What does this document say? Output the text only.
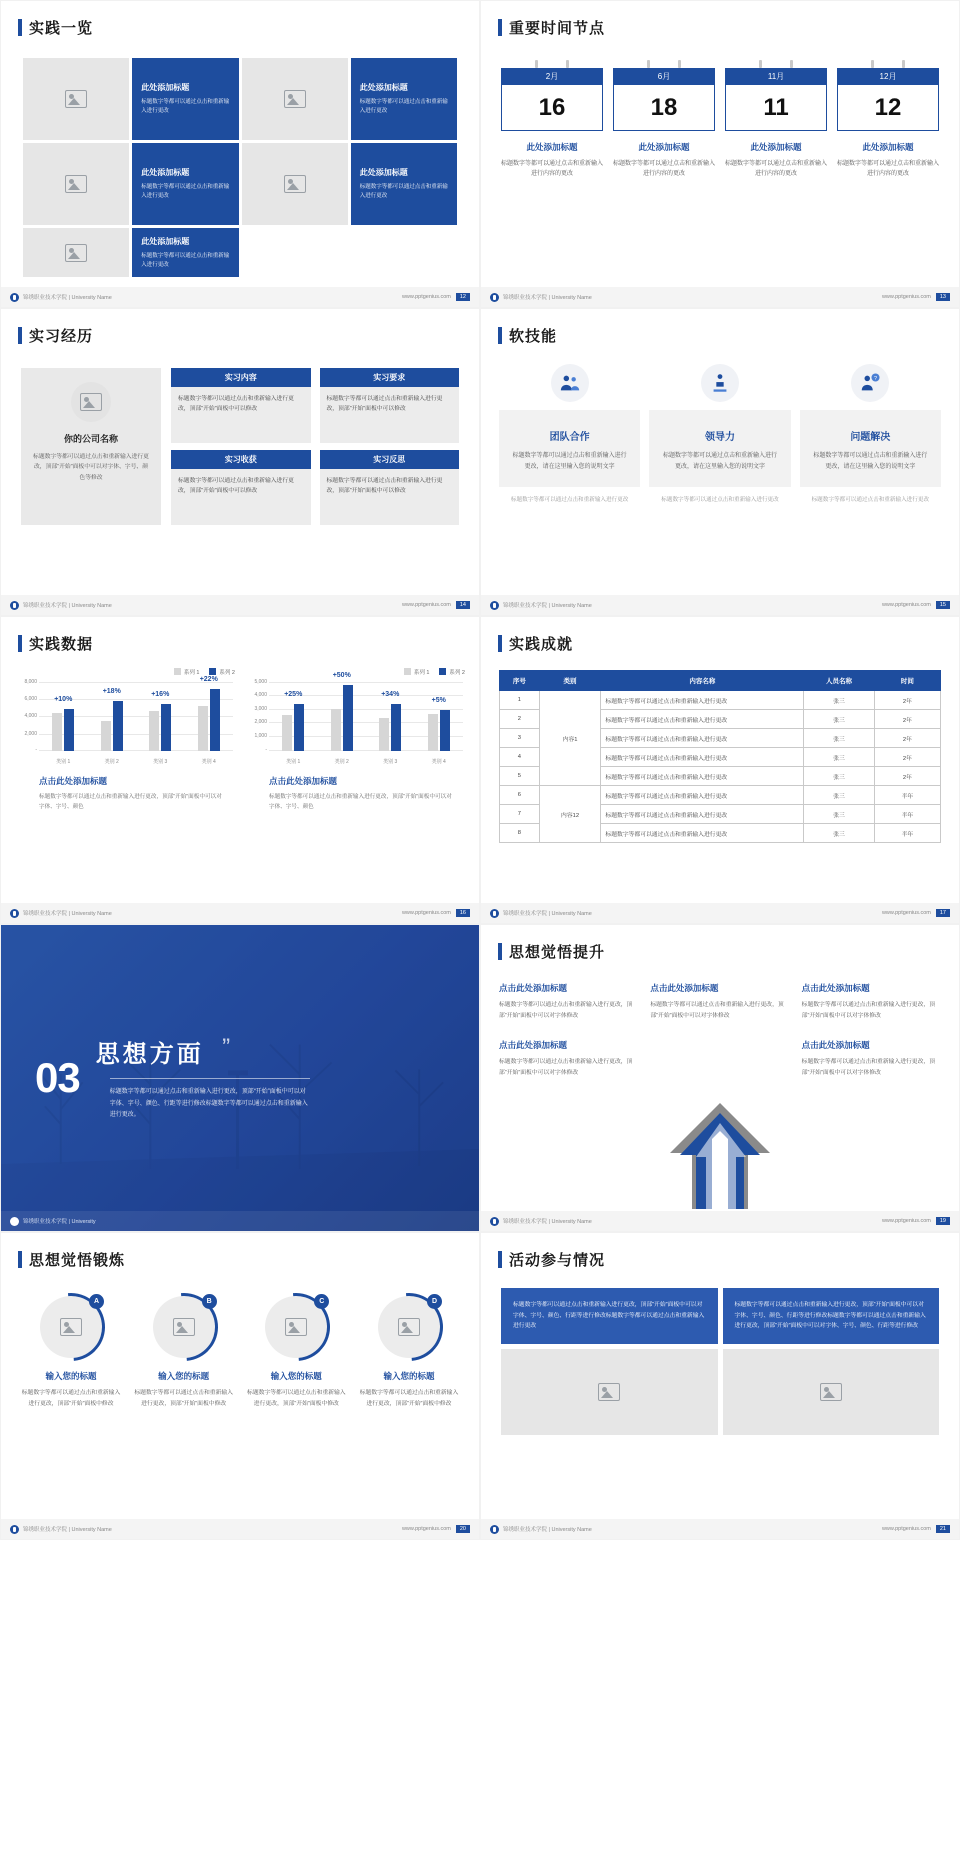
实践一览
此处添加标题
标题数字等都可以通过点击和重新输入进行更改
此处添加标题
标题数字等都可以通过点击和重新输入进行更改
此处添加标题
标题数字等都可以通过点击和重新输入进行更改
此处添加标题
标题数字等都可以通过点击和重新输入进行更改
此处添加标题
标题数字等都可以通过点击和重新输入进行更改
锦绣职业技术学院 | University Name	www.pptgenius.com	12
重要时间节点
2月
16
此处添加标题
标题数字等都可以通过点击和重新输入进行内容的更改
6月
18
此处添加标题
标题数字等都可以通过点击和重新输入进行内容的更改
11月
11
此处添加标题
标题数字等都可以通过点击和重新输入进行内容的更改
12月
12
此处添加标题
标题数字等都可以通过点击和重新输入进行内容的更改
锦绣职业技术学院 | University Name	www.pptgenius.com	13
实习经历
你的公司名称
标题数字等都可以通过点击和重新输入进行更改，顶部“开始”面板中可以对字体、字号、颜色等修改
实习内容
标题数字等都可以通过点击和重新输入进行更改，顶部“开始”面板中可以修改
实习要求
标题数字等都可以通过点击和重新输入进行更改，顶部“开始”面板中可以修改
实习收获
标题数字等都可以通过点击和重新输入进行更改，顶部“开始”面板中可以修改
实习反思
标题数字等都可以通过点击和重新输入进行更改，顶部“开始”面板中可以修改
锦绣职业技术学院 | University Name	www.pptgenius.com	14
软技能
团队合作
标题数字等都可以通过点击和重新输入进行更改，请在这里输入您的说明文字
标题数字等都可以通过点击和重新输入进行更改
领导力
标题数字等都可以通过点击和重新输入进行更改，请在这里输入您的说明文字
标题数字等都可以通过点击和重新输入进行更改
?
问题解决
标题数字等都可以通过点击和重新输入进行更改，请在这里输入您的说明文字
标题数字等都可以通过点击和重新输入进行更改
锦绣职业技术学院 | University Name	www.pptgenius.com	15
实践数据
系列 1	系列 2
8,000
6,000
4,000
2,000
-
+10%
+18%	+16%
+22%
类别 1	类别 2	类别 3	类别 4
点击此处添加标题
标题数字等都可以通过点击和重新输入进行更改，顶部“开始”面板中可以对字体、字号、颜色
系列 1	系列 2
5,000
4,000
3,000
2,000
1,000
-
+25%
+50%
+34%
+5%
类别 1	类别 2	类别 3	类别 4
点击此处添加标题
标题数字等都可以通过点击和重新输入进行更改，顶部“开始”面板中可以对字体、字号、颜色
锦绣职业技术学院 | University Name	www.pptgenius.com	16
实践成就
序号	类别	内容名称	人员名称	时间
1	内容1	标题数字等都可以通过点击和重新输入进行更改	张三	2年
2		标题数字等都可以通过点击和重新输入进行更改	张三	2年
3		标题数字等都可以通过点击和重新输入进行更改	张三	2年
4		标题数字等都可以通过点击和重新输入进行更改	张三	2年
5		标题数字等都可以通过点击和重新输入进行更改	张三	2年
6	内容12	标题数字等都可以通过点击和重新输入进行更改	张三	半年
7		标题数字等都可以通过点击和重新输入进行更改	张三	半年
8		标题数字等都可以通过点击和重新输入进行更改	张三	半年
锦绣职业技术学院 | University Name	www.pptgenius.com	17
03 思想方面 ”
标题数字等都可以通过点击和重新输入进行更改，顶部“开始”面板中可以对字体、字号、颜色、行距等进行修改标题数字等都可以通过点击和重新输入进行更改。
锦绣职业技术学院 | University
思想觉悟提升
点击此处添加标题
标题数字等都可以通过点击和重新输入进行更改，顶部“开始”面板中可以对字体修改
点击此处添加标题
标题数字等都可以通过点击和重新输入进行更改，顶部“开始”面板中可以对字体修改
点击此处添加标题
标题数字等都可以通过点击和重新输入进行更改，顶部“开始”面板中可以对字体修改
点击此处添加标题
标题数字等都可以通过点击和重新输入进行更改，顶部“开始”面板中可以对字体修改
点击此处添加标题
标题数字等都可以通过点击和重新输入进行更改，顶部“开始”面板中可以对字体修改
锦绣职业技术学院 | University Name	www.pptgenius.com	19
思想觉悟锻炼
A
输入您的标题
标题数字等都可以通过点击和重新输入进行更改，顶部“开始”面板中修改
B
输入您的标题
标题数字等都可以通过点击和重新输入进行更改，顶部“开始”面板中修改
C
输入您的标题
标题数字等都可以通过点击和重新输入进行更改，顶部“开始”面板中修改
D
输入您的标题
标题数字等都可以通过点击和重新输入进行更改，顶部“开始”面板中修改
锦绣职业技术学院 | University Name	www.pptgenius.com	20
活动参与情况
标题数字等都可以通过点击和重新输入进行更改，顶部“开始”面板中可以对字体、字号、颜色、行距等进行修改标题数字等都可以通过点击和重新输入进行更改
标题数字等都可以通过点击和重新输入进行更改，顶部“开始”面板中可以对字体、字号、颜色、行距等进行修改标题数字等都可以通过点击和重新输入进行更改，顶部“开始”面板中可以对字体、字号、颜色、行距等进行修改
锦绣职业技术学院 | University Name	www.pptgenius.com	21
